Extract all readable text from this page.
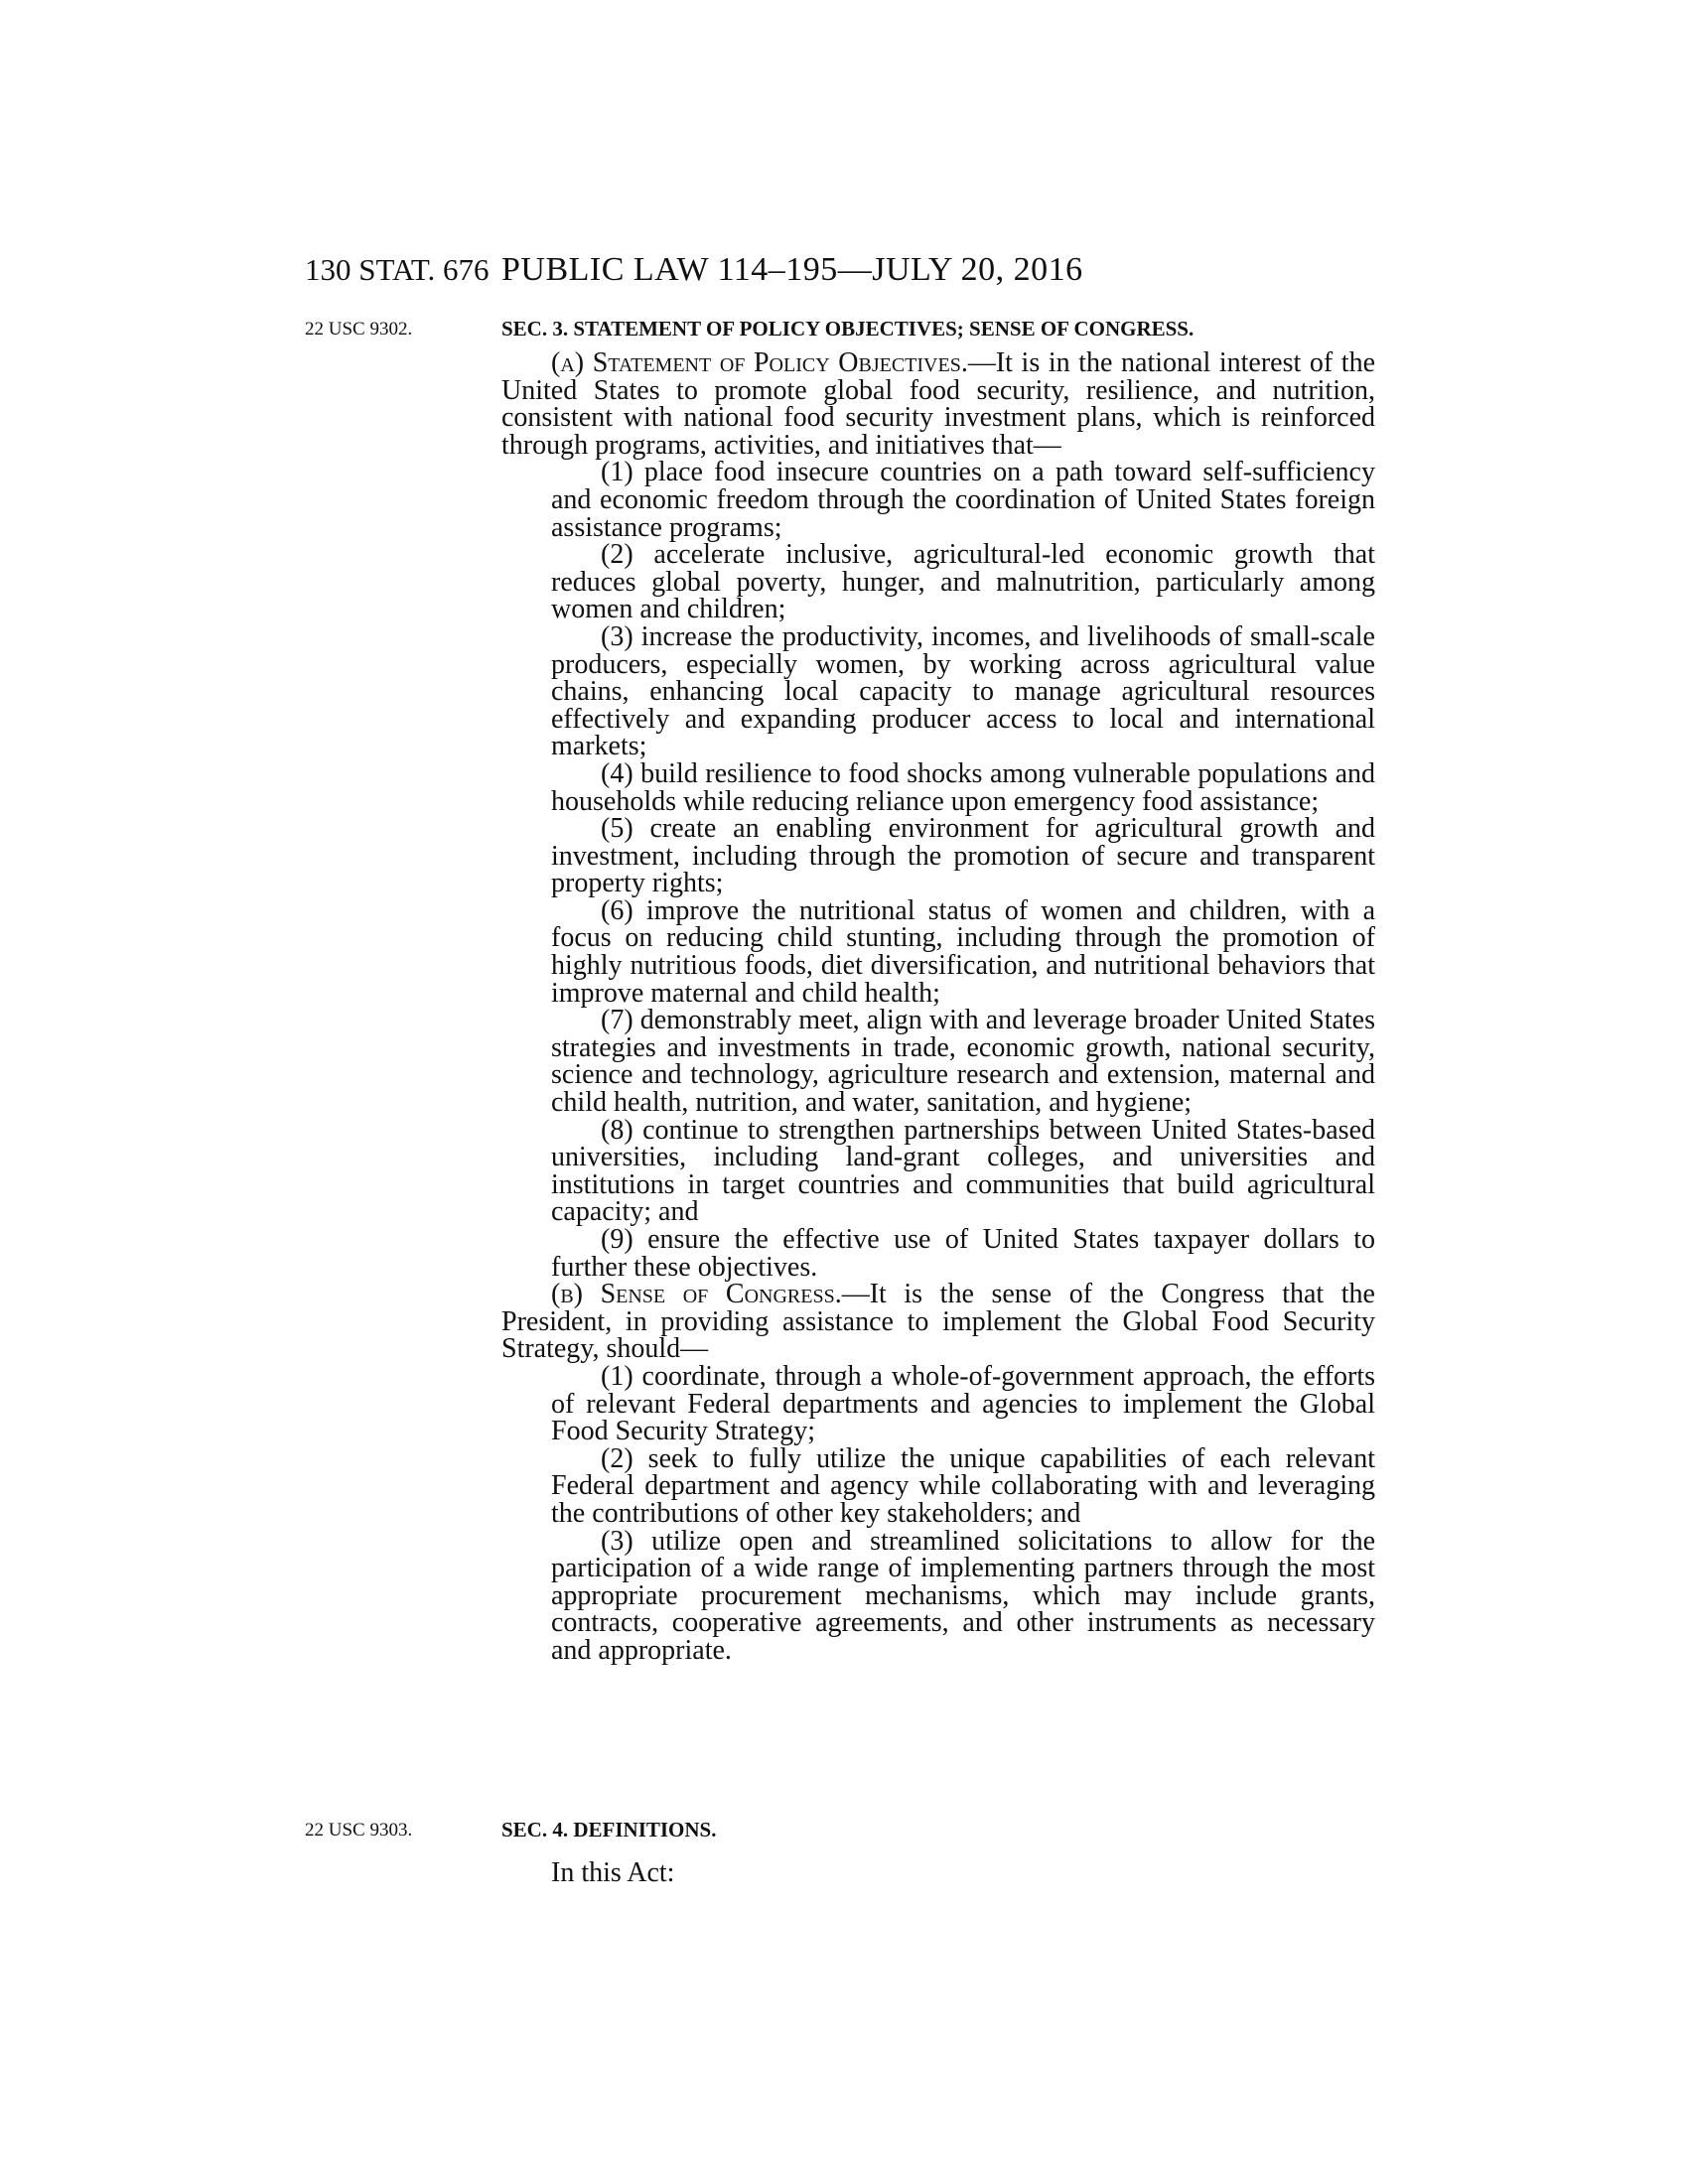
130 STAT. 676 PUBLIC LAW 114–195—JULY 20, 2016
22 USC 9302.	SEC. 3. STATEMENT OF POLICY OBJECTIVES; SENSE OF CONGRESS.

(a) Statement of Policy Objectives.—It is in the national interest of the United States to promote global food security, resilience, and nutrition, consistent with national food security investment plans, which is reinforced through programs, activities, and initiatives that—

(1) place food insecure countries on a path toward self-sufficiency and economic freedom through the coordination of United States foreign assistance programs;

(2) accelerate inclusive, agricultural-led economic growth that reduces global poverty, hunger, and malnutrition, particularly among women and children;

(3) increase the productivity, incomes, and livelihoods of small-scale producers, especially women, by working across agricultural value chains, enhancing local capacity to manage agricultural resources effectively and expanding producer access to local and international markets;

(4) build resilience to food shocks among vulnerable populations and households while reducing reliance upon emergency food assistance;

(5) create an enabling environment for agricultural growth and investment, including through the promotion of secure and transparent property rights;

(6) improve the nutritional status of women and children, with a focus on reducing child stunting, including through the promotion of highly nutritious foods, diet diversification, and nutritional behaviors that improve maternal and child health;

(7) demonstrably meet, align with and leverage broader United States strategies and investments in trade, economic growth, national security, science and technology, agriculture research and extension, maternal and child health, nutrition, and water, sanitation, and hygiene;

(8) continue to strengthen partnerships between United States-based universities, including land-grant colleges, and universities and institutions in target countries and communities that build agricultural capacity; and

(9) ensure the effective use of United States taxpayer dollars to further these objectives.

(b) Sense of Congress.—It is the sense of the Congress that the President, in providing assistance to implement the Global Food Security Strategy, should—

(1) coordinate, through a whole-of-government approach, the efforts of relevant Federal departments and agencies to implement the Global Food Security Strategy;

(2) seek to fully utilize the unique capabilities of each relevant Federal department and agency while collaborating with and leveraging the contributions of other key stakeholders; and

(3) utilize open and streamlined solicitations to allow for the participation of a wide range of implementing partners through the most appropriate procurement mechanisms, which may include grants, contracts, cooperative agreements, and other instruments as necessary and appropriate.

22 USC 9303.	SEC. 4. DEFINITIONS.
In this Act:
